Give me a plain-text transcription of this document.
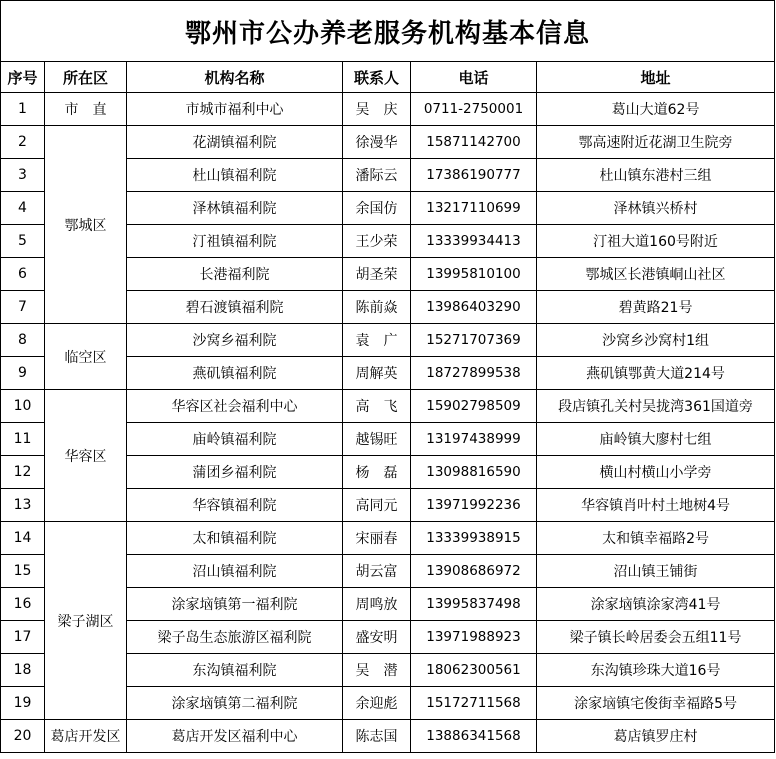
鄂州市公办养老服务机构基本信息					
序号	所在区	机构名称	联系人	电话	地址
1	市　直	市城市福利中心	吴　庆	0711-2750001	葛山大道62号
2	鄂城区	花湖镇福利院	徐漫华	15871142700	鄂高速附近花湖卫生院旁
3		杜山镇福利院	潘际云	17386190777	杜山镇东港村三组
4		泽林镇福利院	余国仿	13217110699	泽林镇兴桥村
5		汀祖镇福利院	王少荣	13339934413	汀祖大道160号附近
6		长港福利院	胡圣荣	13995810100	鄂城区长港镇峒山社区
7		碧石渡镇福利院	陈前焱	13986403290	碧黄路21号
8	临空区	沙窝乡福利院	袁　广	15271707369	沙窝乡沙窝村1组
9		燕矶镇福利院	周解英	18727899538	燕矶镇鄂黄大道214号
10	华容区	华容区社会福利中心	高　飞	15902798509	段店镇孔关村吴拢湾361国道旁
11		庙岭镇福利院	越锡旺	13197438999	庙岭镇大廖村七组
12		蒲团乡福利院	杨　磊	13098816590	横山村横山小学旁
13		华容镇福利院	高同元	13971992236	华容镇肖叶村土地树4号
14	梁子湖区	太和镇福利院	宋丽春	13339938915	太和镇幸福路2号
15		沼山镇福利院	胡云富	13908686972	沼山镇王铺街
16		涂家垴镇第一福利院	周鸣放	13995837498	涂家垴镇涂家湾41号
17		梁子岛生态旅游区福利院	盛安明	13971988923	梁子镇长岭居委会五组11号
18		东沟镇福利院	吴　潜	18062300561	东沟镇珍珠大道16号
19		涂家垴镇第二福利院	余迎彪	15172711568	涂家垴镇宅俊街幸福路5号
20	葛店开发区	葛店开发区福利中心	陈志国	13886341568	葛店镇罗庄村
